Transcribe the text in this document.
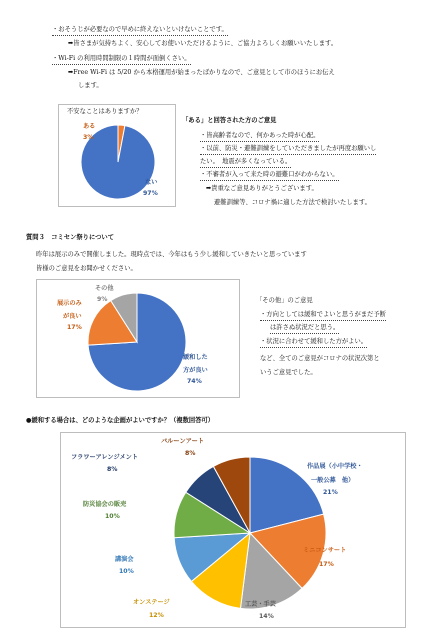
・おそうじが必要なので早めに終えないといけないことです。
➡皆さまが気持ちよく、安心してお使いいただけるように、ご協力よろしくお願いいたします。
・Wi-Fi の利用時間制限の１時間が面倒くさい。
➡Free Wi-Fi は 5/20 から本格運用が始まったばかりなので、ご意見として市のほうにお伝え
します。
不安なことはありますか？
ある
3%
ない
97%
「ある」と回答された方のご意見
・皆高齢者なので、何かあった時が心配。
・以前、防災・避難訓練をしていただきましたが再度お願いし
たい。　地震が多くなっている。
・不審者が入って来た時の避難口がわからない。
➡貴重なご意見ありがとうございます。
避難訓練等、コロナ禍に適した方法で検討いたします。
質問３　コミセン祭りについて
昨年は展示のみで開催しました。現時点では、今年はもう少し緩和していきたいと思っています
皆様のご意見をお聞かせください。
その他
9%
展示のみ
が良い
17%
緩和した
方が良い
74%
「その他」のご意見
・方向としては緩和でよいと思うがまだ予断
は許さぬ状況だと思う。
・状況に合わせて緩和した方がよい。
など、全てのご意見がコロナの状況次第と
いうご意見でした。
●緩和する場合は、どのような企画がよいですか？（複数回答可）
バルーンアート
8%
フラワーアレンジメント
8%
防災協会の販売
10%
講演会
10%
オンステージ
12%
工芸・手芸
14%
ミニコンサート
17%
作品展（小中学校・
一般公募　他）
21%
